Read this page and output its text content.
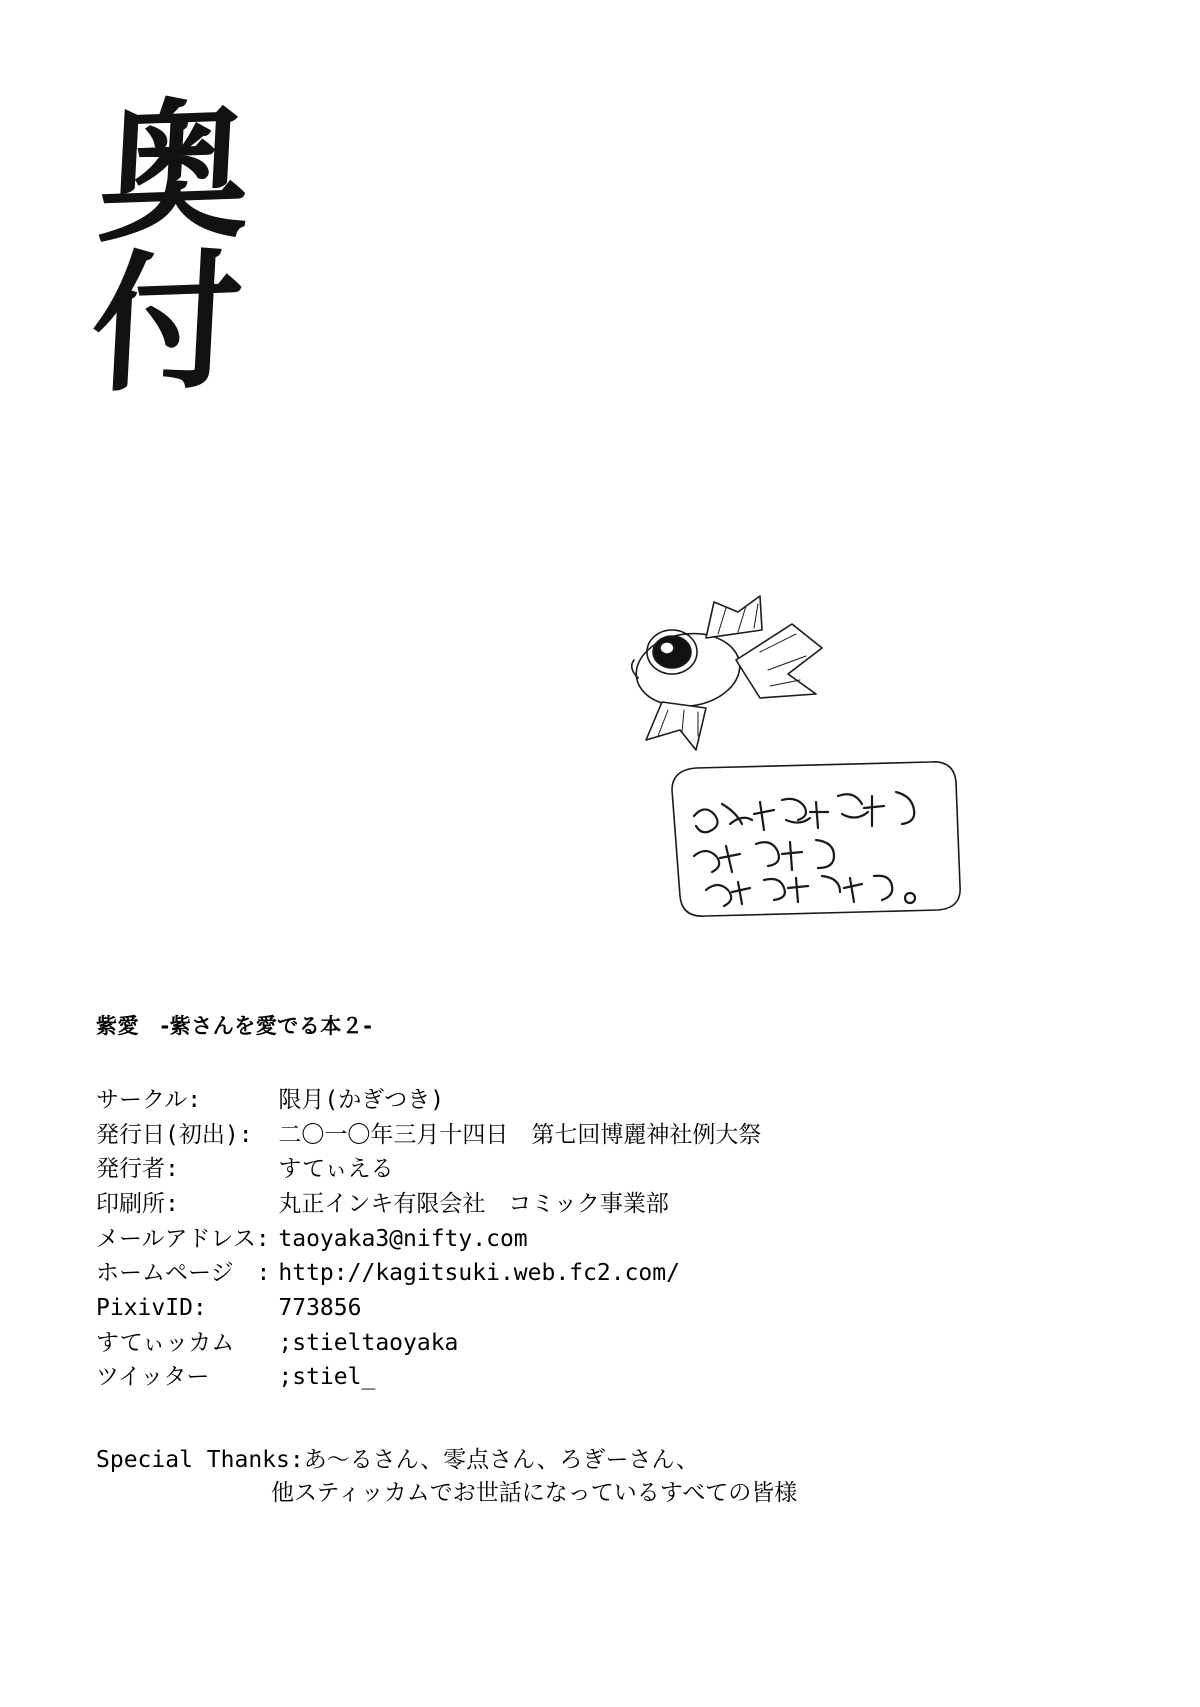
奥付
紫愛　-紫さんを愛でる本２-
サークル:	限月(かぎつき)
発行日(初出):	二〇一〇年三月十四日　第七回博麗神社例大祭
発行者:	すてぃえる
印刷所:	丸正インキ有限会社　コミック事業部
メールアドレス:	taoyaka3@nifty.com
ホームページ　:	http://kagitsuki.web.fc2.com/
PixivID:	773856
すてぃッカム　	;stieltaoyaka
ツイッター　　	;stiel_
Special Thanks:あ〜るさん、零点さん、ろぎーさん、
他スティッカムでお世話になっているすべての皆様
